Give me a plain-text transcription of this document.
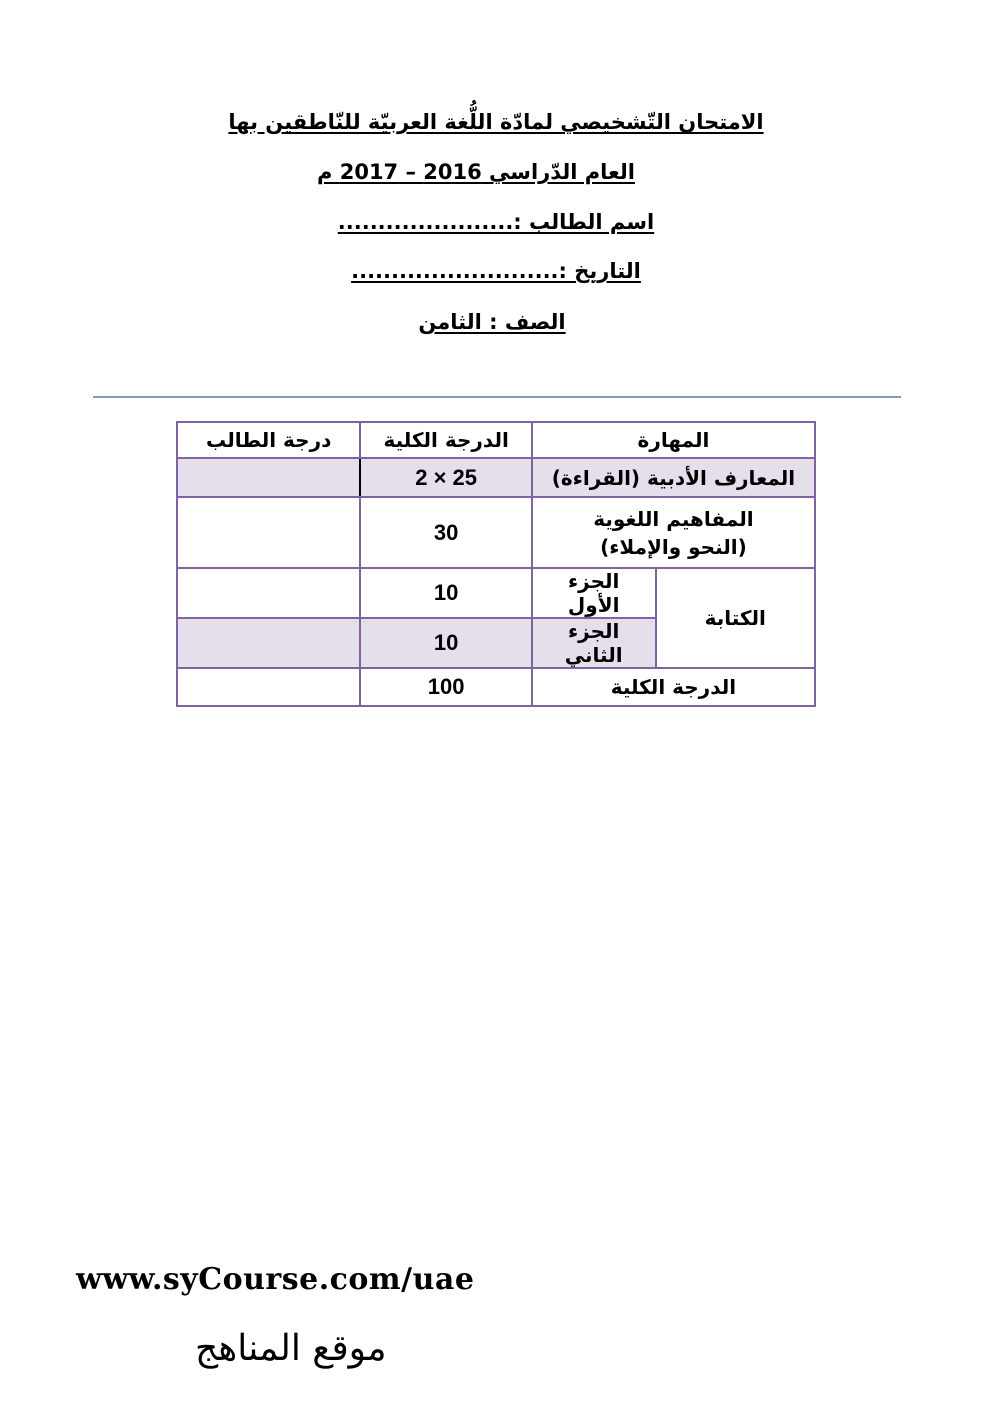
الامتحان التّشخيصي لمادّة اللُّغة العربيّة للنّاطقين بها
العام الدّراسي 2016 – 2017 م
اسم الطالب :......................
التاريخ :..........................
الصف : الثامن
المهارة		الدرجة الكلية	درجة الطالب
المعارف الأدبية (القراءة)		25 × 2	

المفاهيم اللغوية
(النحو والإملاء)		30	
الكتابة	الجزء الأول	10	
	الجزء الثاني	10	
الدرجة الكلية		100	
www.syCourse.com/uae
موقع المناهج
